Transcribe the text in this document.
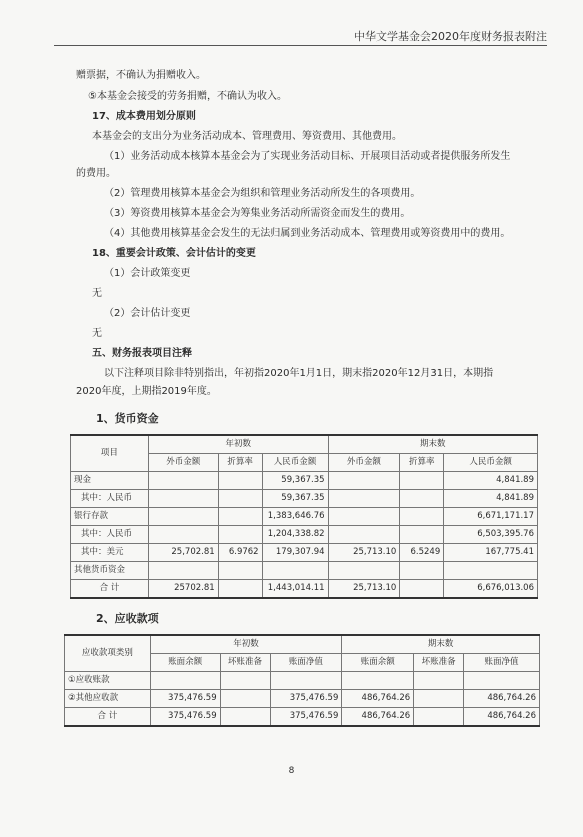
中华文学基金会2020年度财务报表附注
赠票据，不确认为捐赠收入。
⑤本基金会接受的劳务捐赠，不确认为收入。
17、成本费用划分原则
本基金会的支出分为业务活动成本、管理费用、筹资费用、其他费用。
（1）业务活动成本核算本基金会为了实现业务活动目标、开展项目活动或者提供服务所发生
的费用。
（2）管理费用核算本基金会为组织和管理业务活动所发生的各项费用。
（3）筹资费用核算本基金会为筹集业务活动所需资金而发生的费用。
（4）其他费用核算基金会发生的无法归属到业务活动成本、管理费用或筹资费用中的费用。
18、重要会计政策、会计估计的变更
（1）会计政策变更
无
（2）会计估计变更
无
五、财务报表项目注释
以下注释项目除非特别指出，年初指2020年1月1日，期末指2020年12月31日，本期指
2020年度，上期指2019年度。
1、货币资金
项目	年初数			期末数		
	外币金额	折算率	人民币金额	外币金额	折算率	人民币金额
现金			59,367.35			4,841.89
其中：人民币			59,367.35			4,841.89
银行存款			1,383,646.76			6,671,171.17
其中：人民币			1,204,338.82			6,503,395.76
其中：美元	25,702.81	6.9762	179,307.94	25,713.10	6.5249	167,775.41
其他货币资金						
合 计	25702.81		1,443,014.11	25,713.10		6,676,013.06
2、应收款项
应收款项类别	年初数			期末数		
	账面余额	坏账准备	账面净值	账面余额	坏账准备	账面净值
①应收账款						
②其他应收款	375,476.59		375,476.59	486,764.26		486,764.26
合 计	375,476.59		375,476.59	486,764.26		486,764.26
8
